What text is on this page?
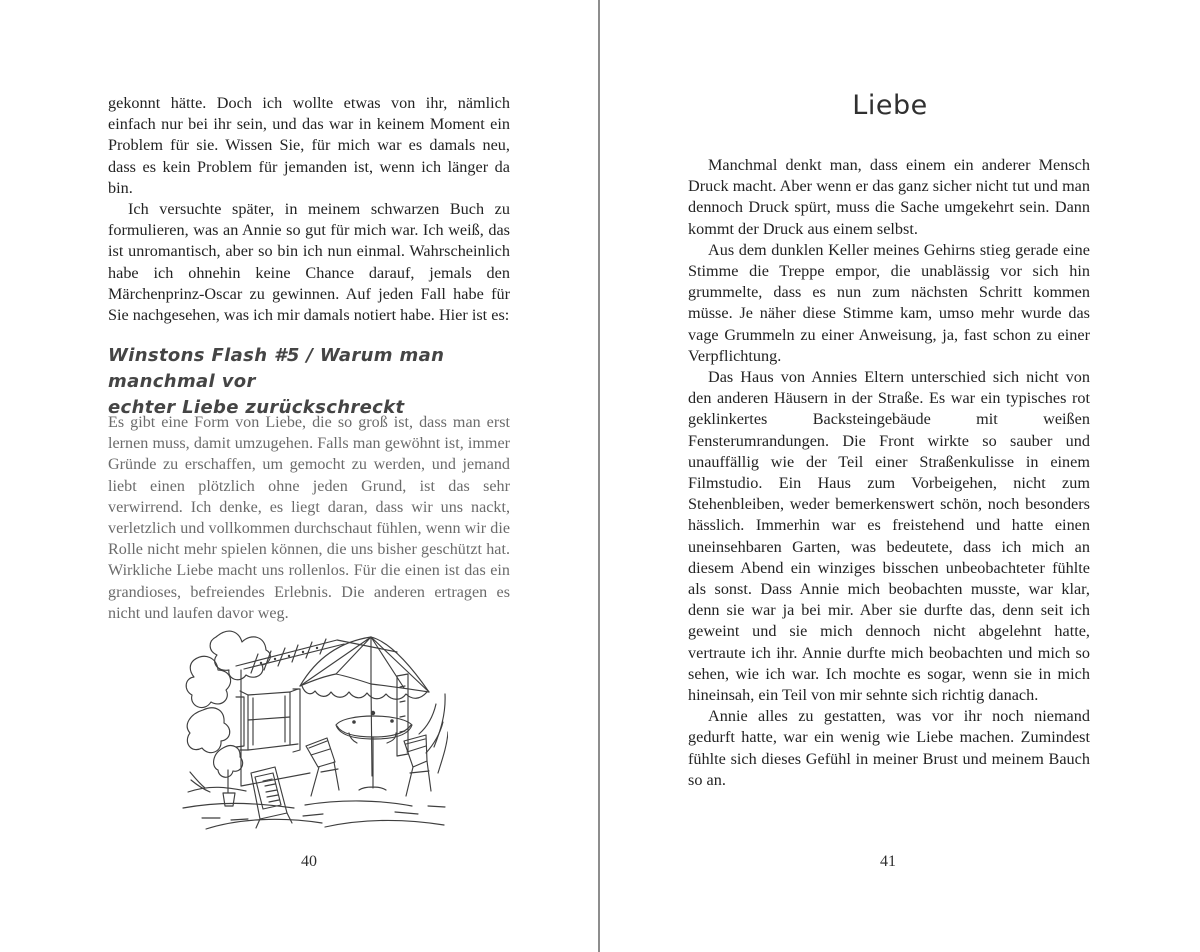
gekonnt hätte. Doch ich wollte etwas von ihr, nämlich einfach nur bei ihr sein, und das war in keinem Moment ein Problem für sie. Wissen Sie, für mich war es damals neu, dass es kein Problem für jemanden ist, wenn ich länger da bin.

Ich versuchte später, in meinem schwarzen Buch zu formulieren, was an Annie so gut für mich war. Ich weiß, das ist unromantisch, aber so bin ich nun einmal. Wahrscheinlich habe ich ohnehin keine Chance darauf, jemals den Märchenprinz-Oscar zu gewinnen. Auf jeden Fall habe für Sie nachgesehen, was ich mir damals notiert habe. Hier ist es:

Winstons Flash #5 / Warum man manchmal vor
echter Liebe zurückschreckt

Es gibt eine Form von Liebe, die so groß ist, dass man erst lernen muss, damit umzugehen. Falls man gewöhnt ist, immer Gründe zu erschaffen, um gemocht zu werden, und jemand liebt einen plötzlich ohne jeden Grund, ist das sehr verwirrend. Ich denke, es liegt daran, dass wir uns nackt, verletzlich und vollkommen durchschaut fühlen, wenn wir die Rolle nicht mehr spielen können, die uns bisher geschützt hat. Wirkliche Liebe macht uns rollenlos. Für die einen ist das ein grandioses, befreiendes Erlebnis. Die anderen ertragen es nicht und laufen davor weg.

40
Liebe

Manchmal denkt man, dass einem ein anderer Mensch Druck macht. Aber wenn er das ganz sicher nicht tut und man dennoch Druck spürt, muss die Sache umgekehrt sein. Dann kommt der Druck aus einem selbst.

Aus dem dunklen Keller meines Gehirns stieg gerade eine Stimme die Treppe empor, die unablässig vor sich hin grummelte, dass es nun zum nächsten Schritt kommen müsse. Je näher diese Stimme kam, umso mehr wurde das vage Grummeln zu einer Anweisung, ja, fast schon zu einer Verpflichtung.

Das Haus von Annies Eltern unterschied sich nicht von den anderen Häusern in der Straße. Es war ein typisches rot geklinkertes Backsteingebäude mit weißen Fensterumrandungen. Die Front wirkte so sauber und unauffällig wie der Teil einer Straßenkulisse in einem Filmstudio. Ein Haus zum Vorbeigehen, nicht zum Stehenbleiben, weder bemerkenswert schön, noch besonders hässlich. Immerhin war es freistehend und hatte einen uneinsehbaren Garten, was bedeutete, dass ich mich an diesem Abend ein winziges bisschen unbeobachteter fühlte als sonst. Dass Annie mich beobachten musste, war klar, denn sie war ja bei mir. Aber sie durfte das, denn seit ich geweint und sie mich dennoch nicht abgelehnt hatte, vertraute ich ihr. Annie durfte mich beobachten und mich so sehen, wie ich war. Ich mochte es sogar, wenn sie in mich hineinsah, ein Teil von mir sehnte sich richtig danach.

Annie alles zu gestatten, was vor ihr noch niemand gedurft hatte, war ein wenig wie Liebe machen. Zumindest fühlte sich dieses Gefühl in meiner Brust und meinem Bauch so an.

41
